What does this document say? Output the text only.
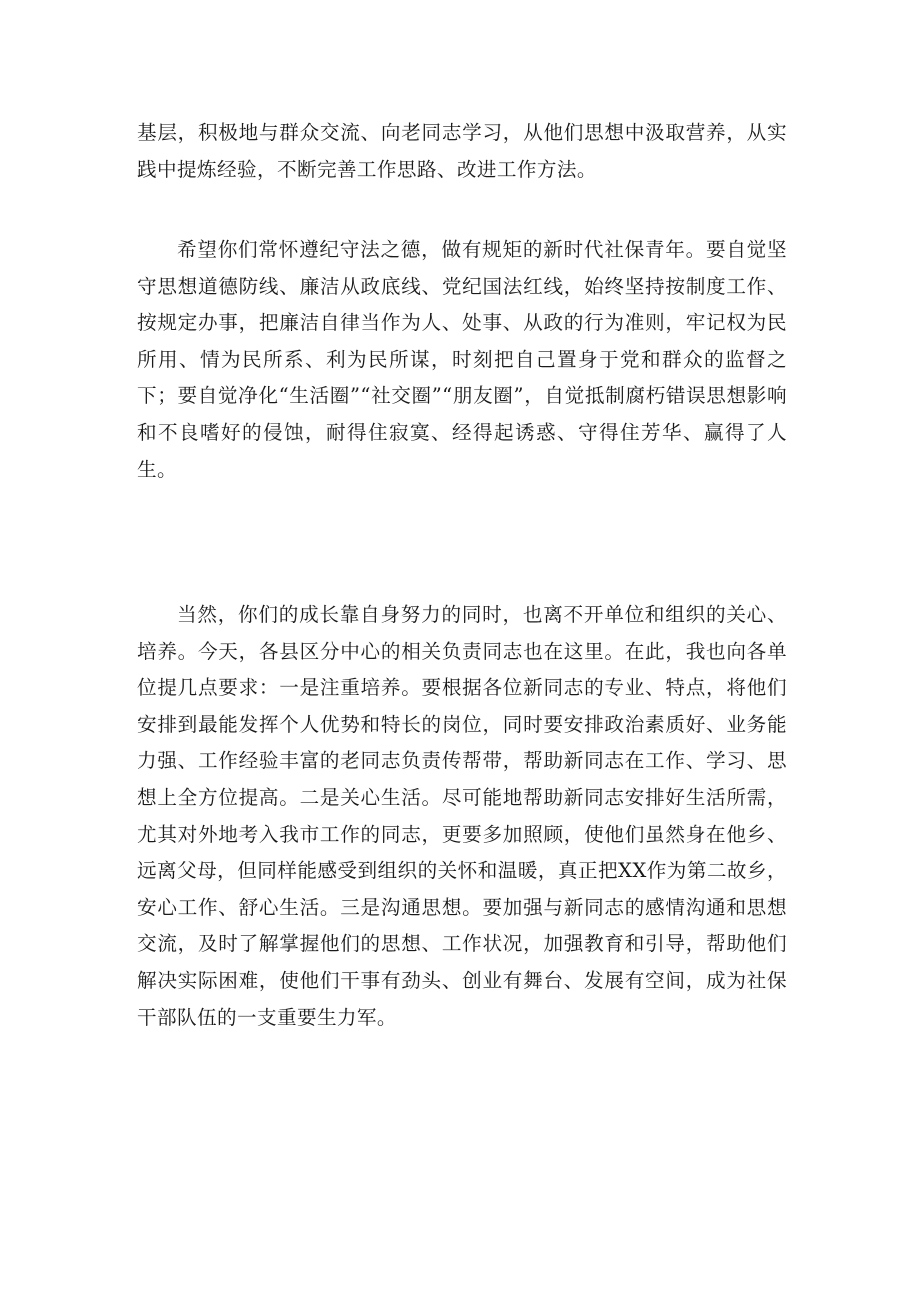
基层，积极地与群众交流、向老同志学习，从他们思想中汲取营养，从实践中提炼经验，不断完善工作思路、改进工作方法。

希望你们常怀遵纪守法之德，做有规矩的新时代社保青年。要自觉坚守思想道德防线、廉洁从政底线、党纪国法红线，始终坚持按制度工作、按规定办事，把廉洁自律当作为人、处事、从政的行为准则，牢记权为民所用、情为民所系、利为民所谋，时刻把自己置身于党和群众的监督之下；要自觉净化“生活圈”“社交圈”“朋友圈”，自觉抵制腐朽错误思想影响和不良嗜好的侵蚀，耐得住寂寞、经得起诱惑、守得住芳华、赢得了人生。

当然，你们的成长靠自身努力的同时，也离不开单位和组织的关心、培养。今天，各县区分中心的相关负责同志也在这里。在此，我也向各单位提几点要求：一是注重培养。要根据各位新同志的专业、特点，将他们安排到最能发挥个人优势和特长的岗位，同时要安排政治素质好、业务能力强、工作经验丰富的老同志负责传帮带，帮助新同志在工作、学习、思想上全方位提高。二是关心生活。尽可能地帮助新同志安排好生活所需，尤其对外地考入我市工作的同志，更要多加照顾，使他们虽然身在他乡、远离父母，但同样能感受到组织的关怀和温暖，真正把XX作为第二故乡，安心工作、舒心生活。三是沟通思想。要加强与新同志的感情沟通和思想交流，及时了解掌握他们的思想、工作状况，加强教育和引导，帮助他们解决实际困难，使他们干事有劲头、创业有舞台、发展有空间，成为社保干部队伍的一支重要生力军。
